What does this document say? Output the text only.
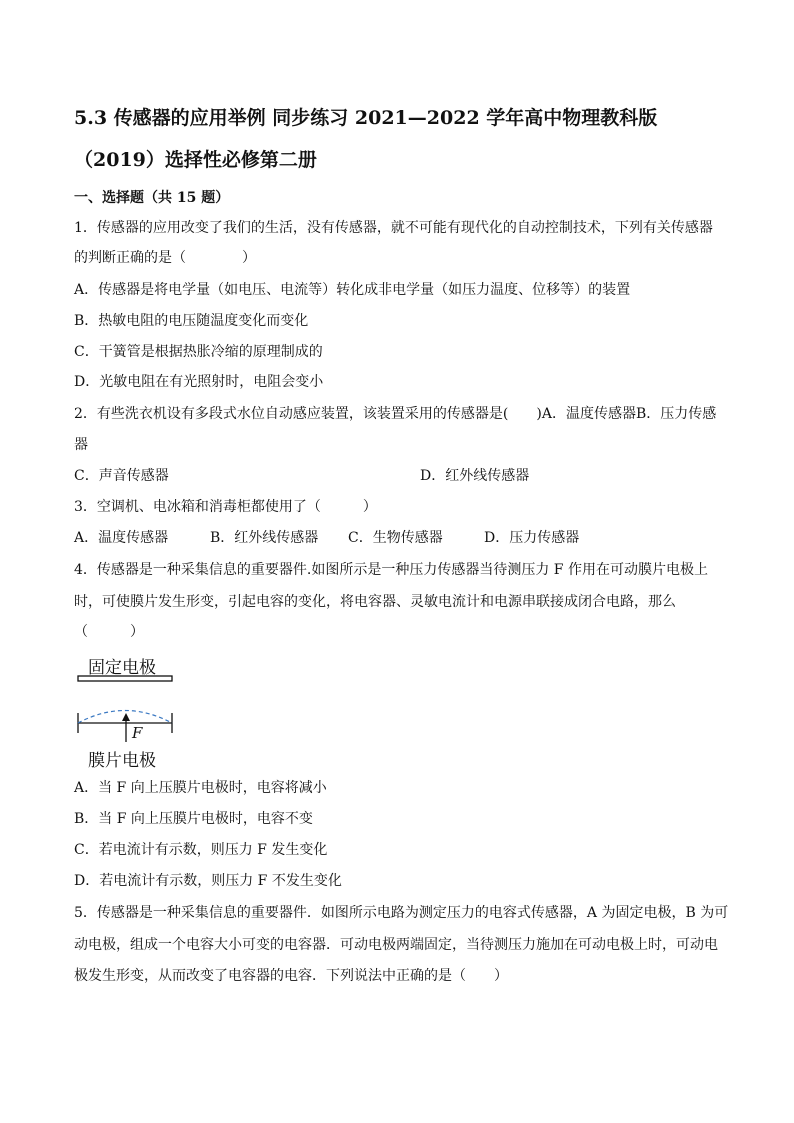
5.3 传感器的应用举例 同步练习 2021—2022 学年高中物理教科版
（2019）选择性必修第二册
一、选择题（共 15 题）
1．传感器的应用改变了我们的生活，没有传感器，就不可能有现代化的自动控制技术，下列有关传感器
的判断正确的是（　　　　）
A．传感器是将电学量（如电压、电流等）转化成非电学量（如压力温度、位移等）的装置
B．热敏电阻的电压随温度变化而变化
C．干簧管是根据热胀冷缩的原理制成的
D．光敏电阻在有光照射时，电阻会变小
2．有些洗衣机设有多段式水位自动感应装置，该装置采用的传感器是(　　)A．温度传感器B．压力传感
器
C．声音传感器	D．红外线传感器
3．空调机、电冰箱和消毒柜都使用了（　　　）
A．温度传感器	B．红外线传感器 C．生物传感器	D．压力传感器
4．传感器是一种采集信息的重要器件.如图所示是一种压力传感器当待测压力 F 作用在可动膜片电极上
时，可使膜片发生形变，引起电容的变化，将电容器、灵敏电流计和电源串联接成闭合电路，那么
（　　　）
固定电极
F
膜片电极
A．当 F 向上压膜片电极时，电容将减小
B．当 F 向上压膜片电极时，电容不变
C．若电流计有示数，则压力 F 发生变化
D．若电流计有示数，则压力 F 不发生变化
5．传感器是一种采集信息的重要器件．如图所示电路为测定压力的电容式传感器，A 为固定电极，B 为可
动电极，组成一个电容大小可变的电容器．可动电极两端固定，当待测压力施加在可动电极上时，可动电
极发生形变，从而改变了电容器的电容．下列说法中正确的是（　　）
